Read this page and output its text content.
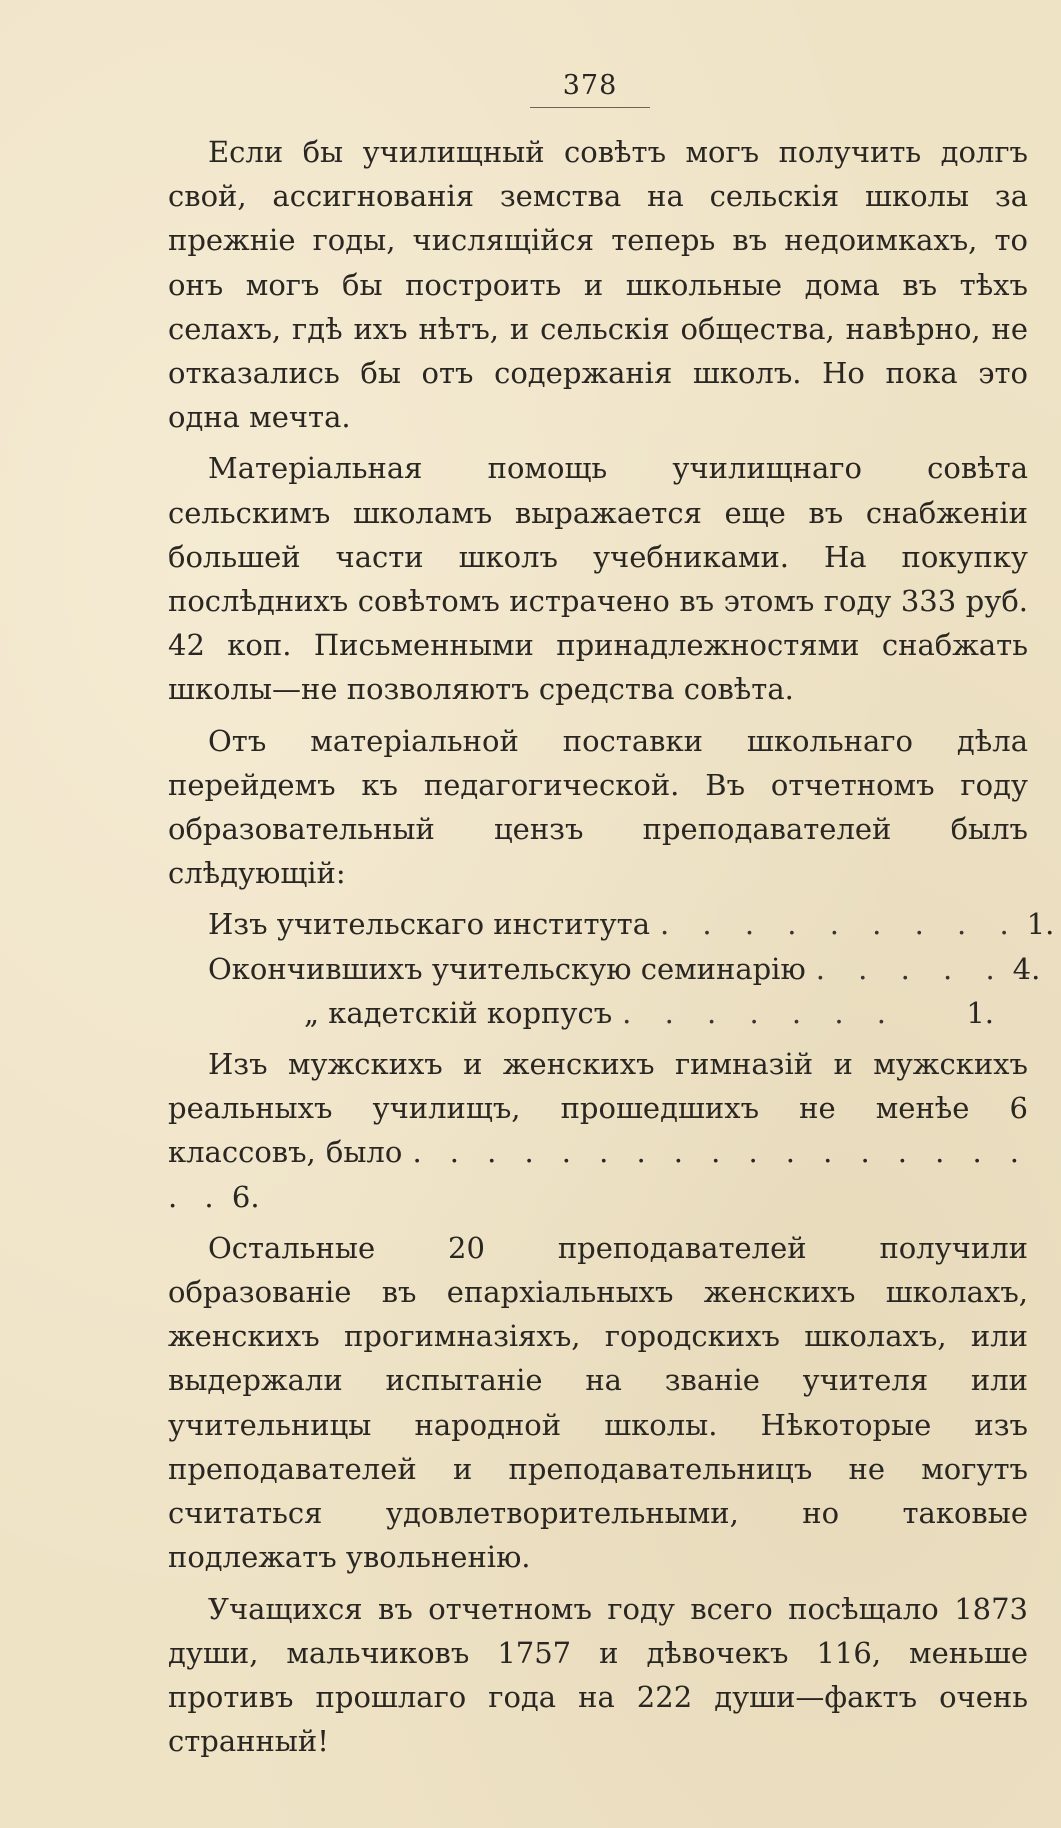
378

Если бы училищный совѣтъ могъ получить долгъ свой, ассигнованія земства на сельскія школы за прежніе годы, числящійся теперь въ недоимкахъ, то онъ могъ бы построить и школьные дома въ тѣхъ селахъ, гдѣ ихъ нѣтъ, и сельскія общества, навѣрно, не отказались бы отъ содержанія школъ. Но пока это одна мечта.

Матеріальная помощь училищнаго совѣта сельскимъ школамъ выражается еще въ снабженіи большей части школъ учебниками. На покупку послѣднихъ совѣтомъ истрачено въ этомъ году 333 руб. 42 коп. Письменными принадлежностями снабжать школы—не позволяютъ средства совѣта.

Отъ матеріальной поставки школьнаго дѣла перейдемъ къ педагогической. Въ отчетномъ году образовательный цензъ преподавателей былъ слѣдующій:

Изъ учительскаго института . . . . . . . . . 1.
Окончившихъ учительскую семинарію . . . . . 4.
„ кадетскій корпусъ . . . . . . .	1.

Изъ мужскихъ и женскихъ гимназій и мужскихъ реальныхъ училищъ, прошедшихъ не менѣе 6 классовъ, было . . . . . . . . . . . . . . . . . . . 6.

Остальные 20 преподавателей получили образованіе въ епархіальныхъ женскихъ школахъ, женскихъ прогимназіяхъ, городскихъ школахъ, или выдержали испытаніе на званіе учителя или учительницы народной школы. Нѣкоторые изъ преподавателей и преподавательницъ не могутъ считаться удовлетворительными, но таковые подлежатъ увольненію.

Учащихся въ отчетномъ году всего посѣщало 1873 души, мальчиковъ 1757 и дѣвочекъ 116, меньше противъ прошлаго года на 222 души—фактъ очень странный!
